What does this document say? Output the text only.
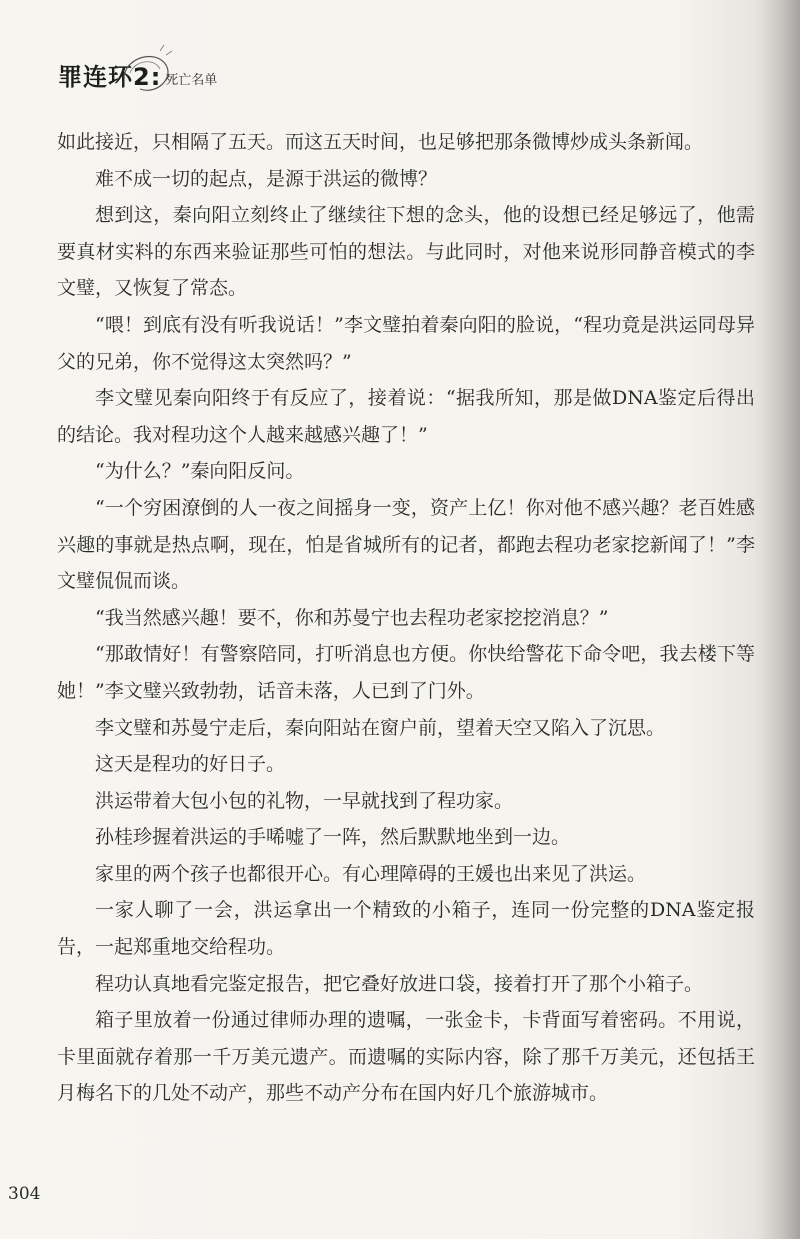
罪连环2: 死亡名单

如此接近，只相隔了五天。而这五天时间，也足够把那条微博炒成头条新闻。

难不成一切的起点，是源于洪运的微博？

想到这，秦向阳立刻终止了继续往下想的念头，他的设想已经足够远了，他需要真材实料的东西来验证那些可怕的想法。与此同时，对他来说形同静音模式的李文璧，又恢复了常态。

“喂！到底有没有听我说话！”李文璧拍着秦向阳的脸说，“程功竟是洪运同母异父的兄弟，你不觉得这太突然吗？”

李文璧见秦向阳终于有反应了，接着说：“据我所知，那是做DNA鉴定后得出的结论。我对程功这个人越来越感兴趣了！”

“为什么？”秦向阳反问。

“一个穷困潦倒的人一夜之间摇身一变，资产上亿！你对他不感兴趣？老百姓感兴趣的事就是热点啊，现在，怕是省城所有的记者，都跑去程功老家挖新闻了！”李文璧侃侃而谈。

“我当然感兴趣！要不，你和苏曼宁也去程功老家挖挖消息？”

“那敢情好！有警察陪同，打听消息也方便。你快给警花下命令吧，我去楼下等她！”李文璧兴致勃勃，话音未落，人已到了门外。

李文璧和苏曼宁走后，秦向阳站在窗户前，望着天空又陷入了沉思。

这天是程功的好日子。

洪运带着大包小包的礼物，一早就找到了程功家。

孙桂珍握着洪运的手唏嘘了一阵，然后默默地坐到一边。

家里的两个孩子也都很开心。有心理障碍的王媛也出来见了洪运。

一家人聊了一会，洪运拿出一个精致的小箱子，连同一份完整的DNA鉴定报告，一起郑重地交给程功。

程功认真地看完鉴定报告，把它叠好放进口袋，接着打开了那个小箱子。

箱子里放着一份通过律师办理的遗嘱，一张金卡，卡背面写着密码。不用说，卡里面就存着那一千万美元遗产。而遗嘱的实际内容，除了那千万美元，还包括王月梅名下的几处不动产，那些不动产分布在国内好几个旅游城市。

304
